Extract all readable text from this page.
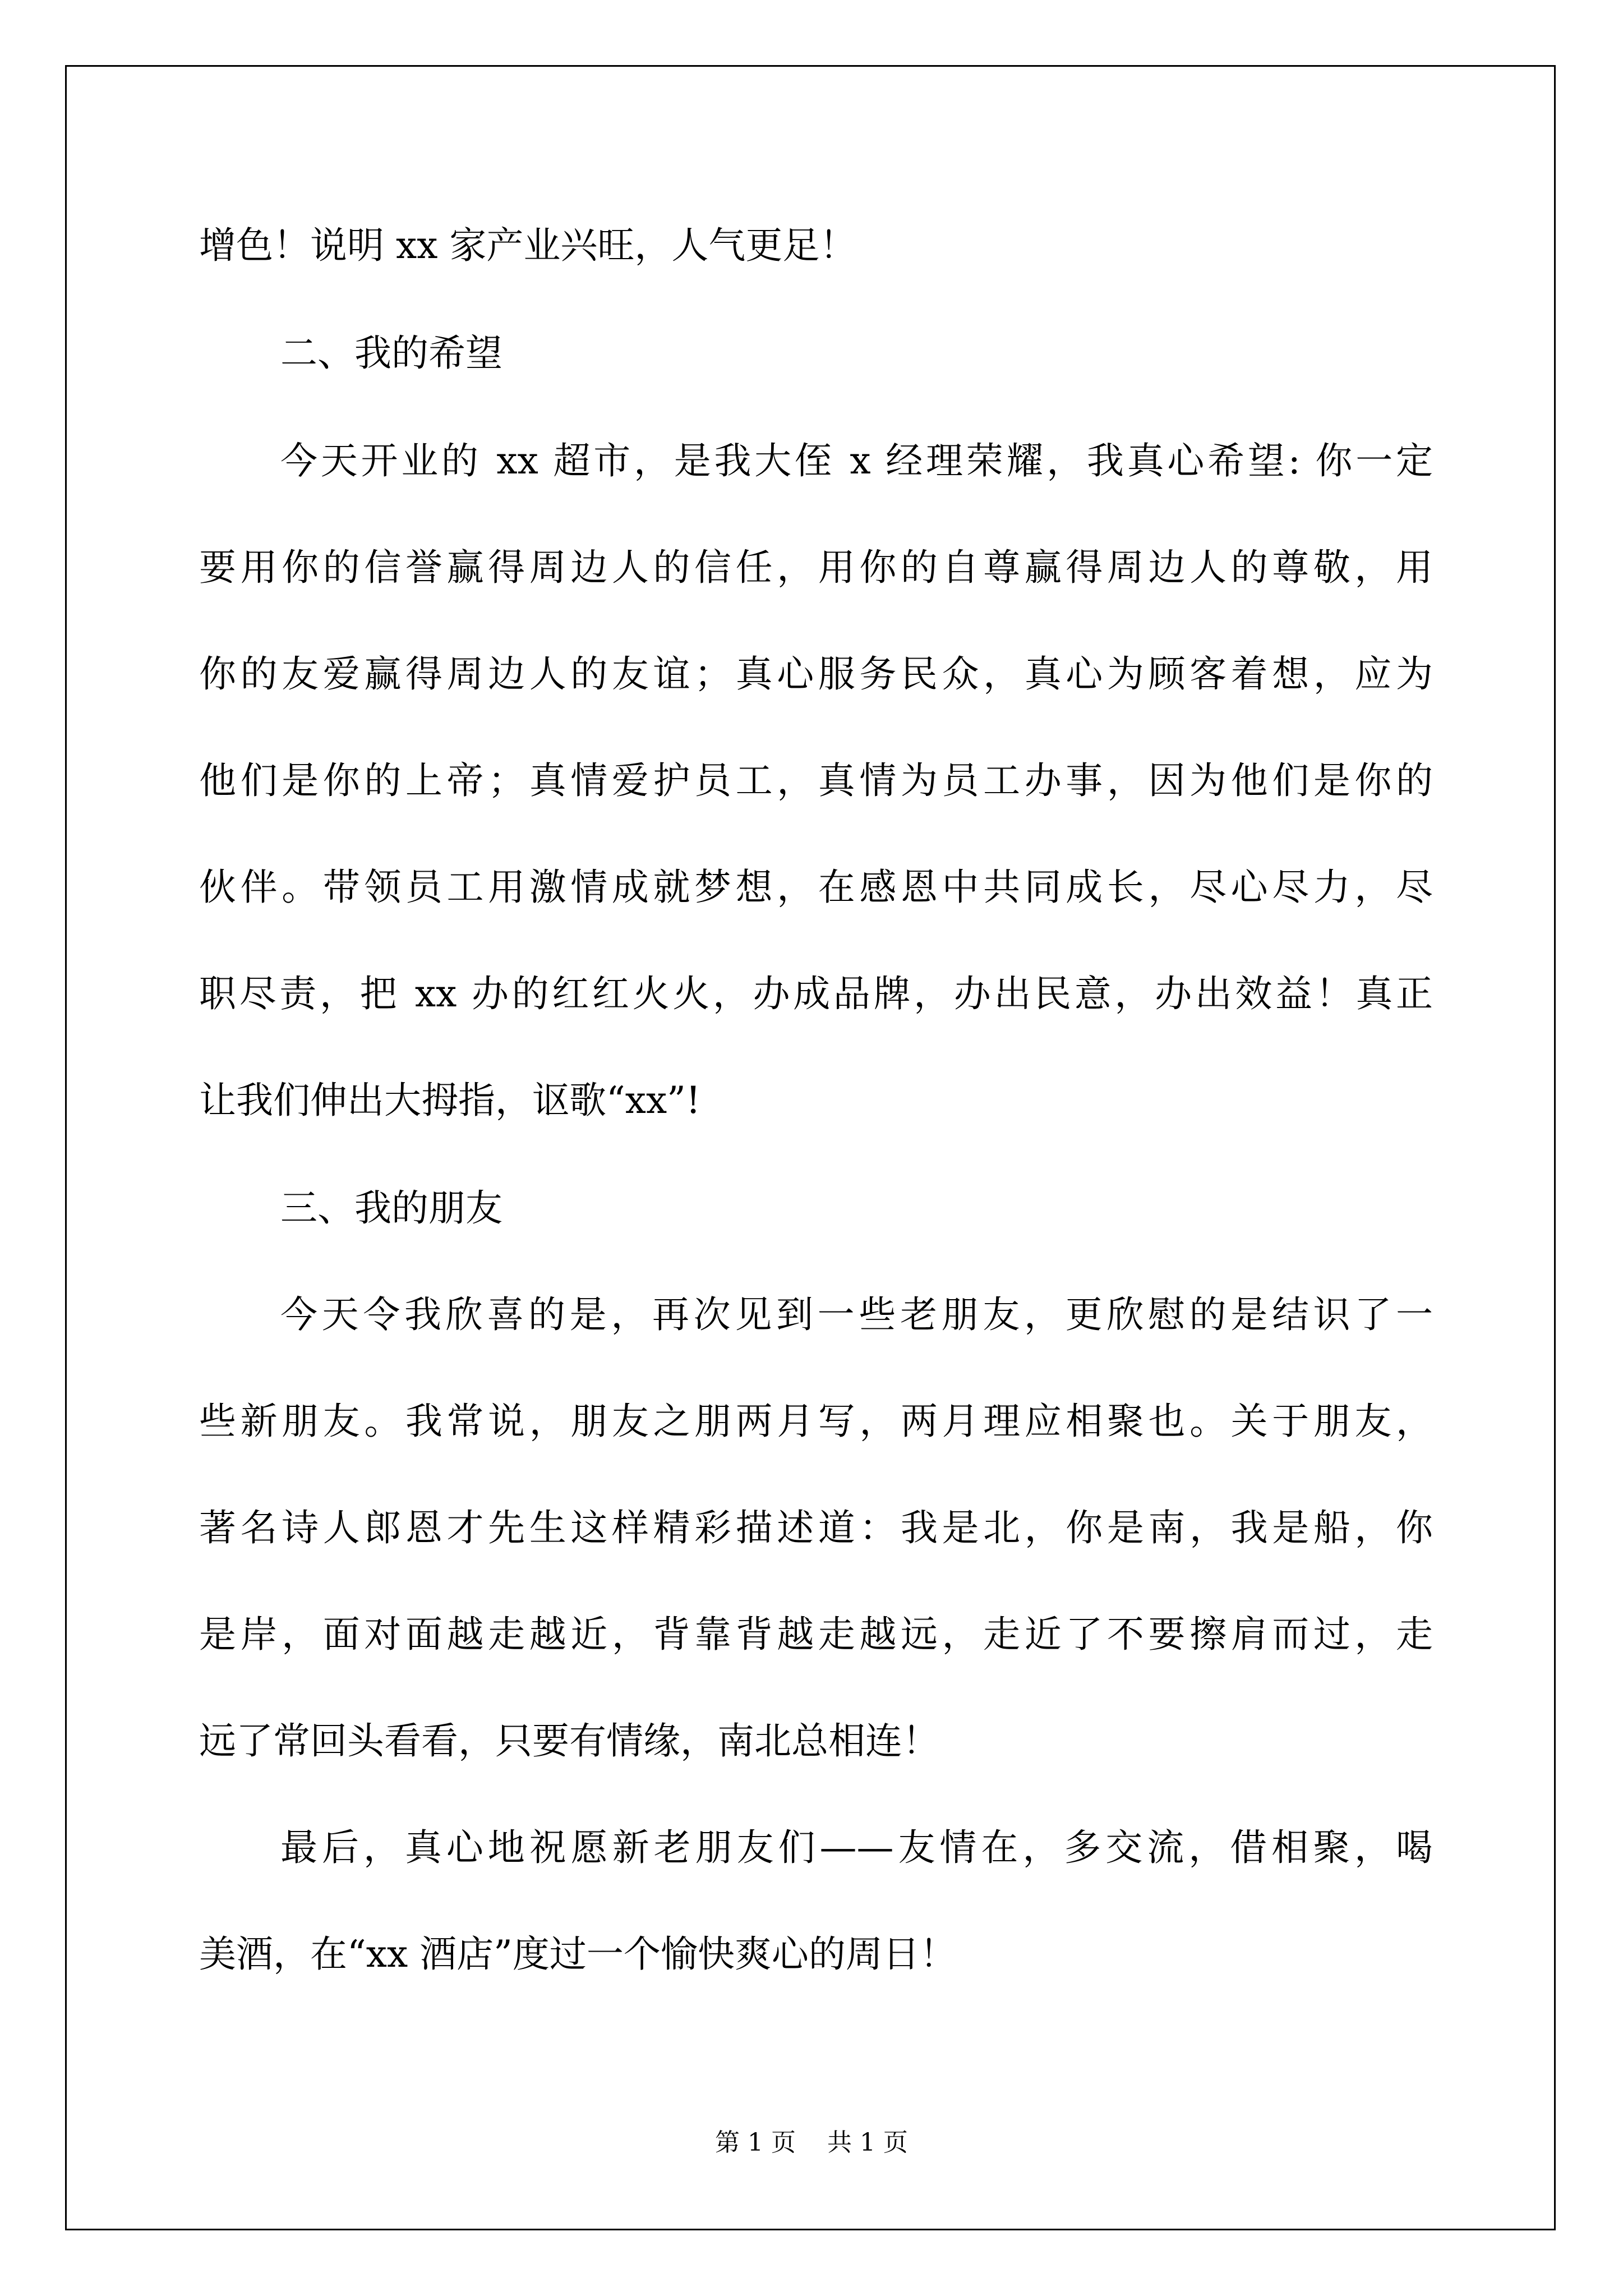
增色！说明 xx 家产业兴旺，人气更足！
二、我的希望
今天开业的 xx 超市，是我大侄 x 经理荣耀，我真心希望: 你一定
要用你的信誉赢得周边人的信任，用你的自尊赢得周边人的尊敬，用
你的友爱赢得周边人的友谊；真心服务民众，真心为顾客着想，应为
他们是你的上帝；真情爱护员工，真情为员工办事，因为他们是你的
伙伴。带领员工用激情成就梦想，在感恩中共同成长，尽心尽力，尽
职尽责，把 xx 办的红红火火，办成品牌，办出民意，办出效益！真正
让我们伸出大拇指，讴歌“xx”!
三、我的朋友
今天令我欣喜的是，再次见到一些老朋友，更欣慰的是结识了一
些新朋友。我常说，朋友之朋两月写，两月理应相聚也。关于朋友，
著名诗人郎恩才先生这样精彩描述道：我是北，你是南，我是船，你
是岸，面对面越走越近，背靠背越走越远，走近了不要擦肩而过，走
远了常回头看看，只要有情缘，南北总相连！
最后，真心地祝愿新老朋友们——友情在，多交流，借相聚，喝
美酒，在“xx 酒店”度过一个愉快爽心的周日！
第 1 页 共 1 页
